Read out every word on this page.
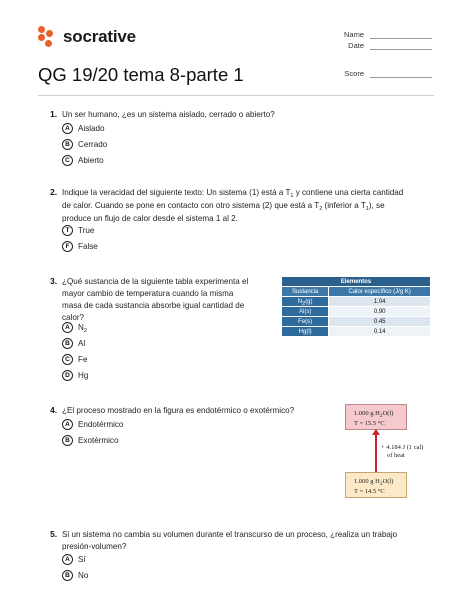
socrative	Name
Date
Score
QG 19/20 tema 8-parte 1
1. Un ser humano, ¿es un sistema aislado, cerrado o abierto?
A	Aislado
B	Cerrado
C	Abierto
2. Indique la veracidad del siguiente texto: Un sistema (1) está a $T_1$ y contiene una cierta cantidad
de calor. Cuando se pone en contacto con otro sistema (2) que está a $T_2$ (inferior a $T_1$), se
produce un flujo de calor desde el sistema 1 al 2.
T	True
F	False
3. ¿Qué sustancia de la siguiente tabla experimenta el
mayor cambio de temperatura cuando la misma
masa de cada sustancia absorbe igual cantidad de
calor?
A	$N_2$
B	Al
C	Fe
D	Hg
Elementos	
Sustancia	Calor específico (J/g K)
N2(g)	1.04
Al(s)	0.90
Fe(s)	0.45
Hg(l)	0.14
4. ¿El proceso mostrado en la figura es endotérmico o exotérmico?
A	Endotérmico
B	Exotérmico
1.000 g $H_2O(l)$
T = 15.5 °C
+ 4.184 J (1 cal)
of heat
1.000 g $H_2O(l)$
T = 14.5 °C
5. Si un sistema no cambia su volumen durante el transcurso de un proceso, ¿realiza un trabajo
presión-volumen?
A	Sí
B	No
